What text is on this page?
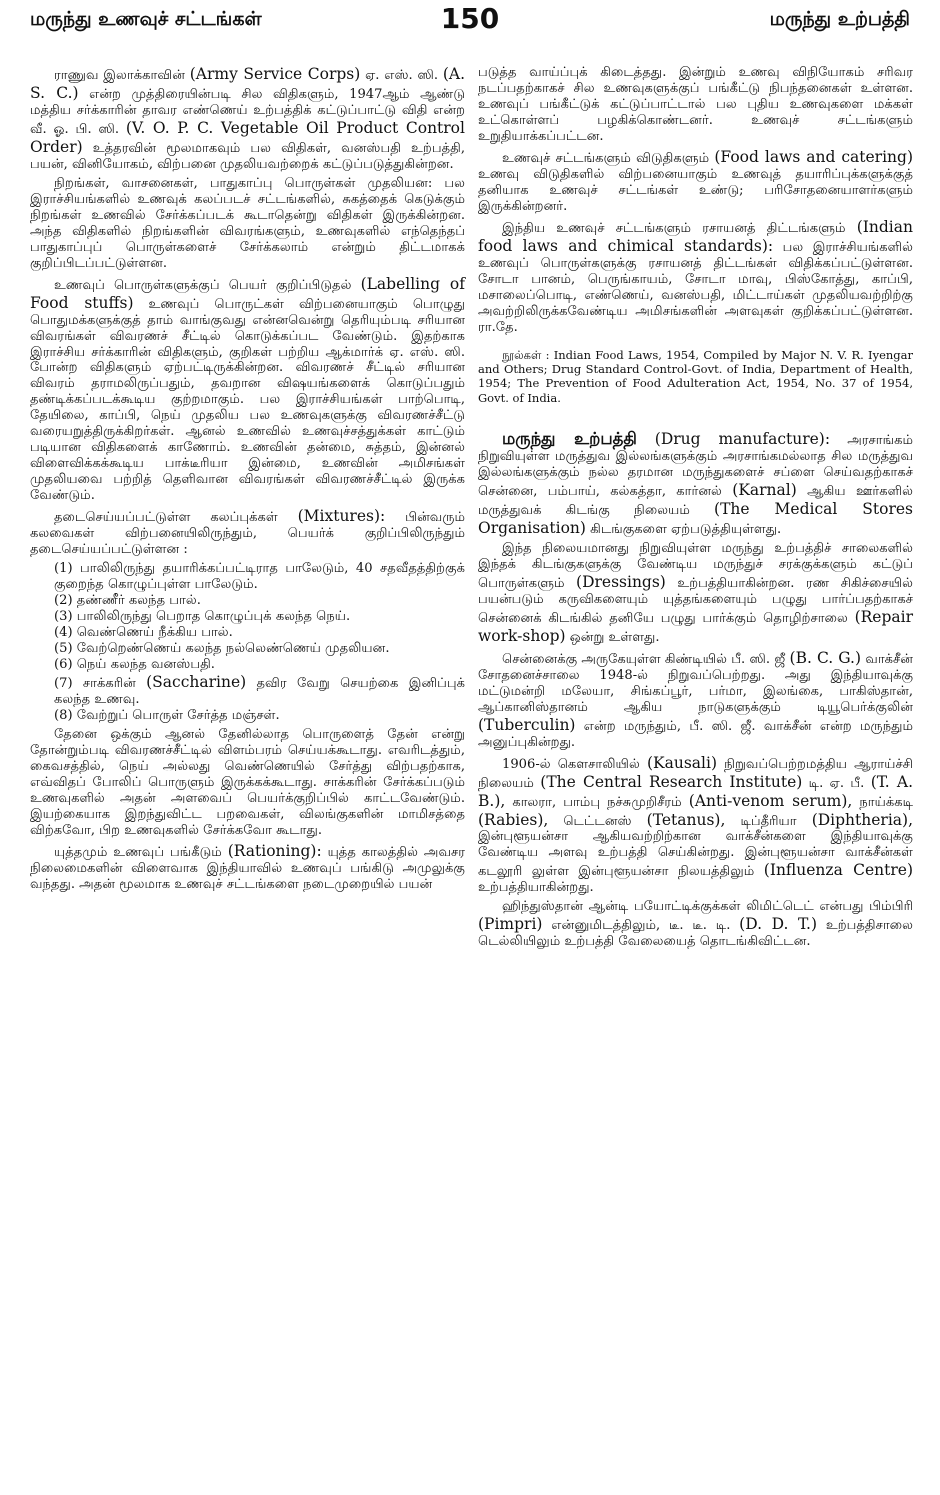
மருந்து உணவுச் சட்டங்கள்	150	மருந்து உற்பத்தி

ராணுவ இலாக்காவின் (Army Service Corps) ஏ. எஸ். ஸி. (A. S. C.) என்ற முத்திரையின்படி சில விதிகளும், 1947ஆம் ஆண்டு மத்திய சர்க்காரின் தாவர எண்ணெய் உற்பத்திக் கட்டுப்பாட்டு விதி என்ற வீ. ஓ. பி. ஸி. (V. O. P. C. Vegetable Oil Product Control Order) உத்தரவின் மூலமாகவும் பல விதிகள், வனஸ்பதி உற்பத்தி, பயன், வினியோகம், விற்பனை முதலியவற்றைக் கட்டுப்படுத்துகின்றன.

நிறங்கள், வாசனைகள், பாதுகாப்பு பொருள்கள் முதலியன: பல இராச்சியங்களில் உணவுக் கலப்படச் சட்டங்களில், சுகத்தைக் கெடுக்கும் நிறங்கள் உணவில் சேர்க்கப்படக் கூடாதென்று விதிகள் இருக்கின்றன. அந்த விதிகளில் நிறங்களின் விவரங்களும், உணவுகளில் எந்தெந்தப் பாதுகாப்புப் பொருள்களைச் சேர்க்கலாம் என்றும் திட்டமாகக் குறிப்பிடப்பட்டுள்ளன.

உணவுப் பொருள்களுக்குப் பெயர் குறிப்பிடுதல் (Labelling of Food stuffs) உணவுப் பொருட்கள் விற்பனையாகும் பொழுது பொதுமக்களுக்குத் தாம் வாங்குவது என்னவென்று தெரியும்படி சரியான விவரங்கள் விவரணச் சீட்டில் கொடுக்கப்பட வேண்டும். இதற்காக இராச்சிய சர்க்காரின் விதிகளும், குறிகள் பற்றிய ஆக்மார்க் ஏ. எஸ். ஸி. போன்ற விதிகளும் ஏற்பட்டிருக்கின்றன. விவரணச் சீட்டில் சரியான விவரம் தராமலிருப்பதும், தவறான விஷயங்களைக் கொடுப்பதும் தண்டிக்கப்படக்கூடிய குற்றமாகும். பல இராச்சியங்கள் பாற்பொடி, தேயிலை, காப்பி, நெய் முதலிய பல உணவுகளுக்கு விவரணச்சீட்டு வரையறுத்திருக்கிறர்கள். ஆனல் உணவில் உணவுச்சத்துக்கள் காட்டும் படியான விதிகளைக் காணோம். உணவின் தன்மை, சுத்தம், இன்னல் விளைவிக்கக்கூடிய பாக்டீரியா இன்மை, உணவின் அமிசங்கள் முதலியவை பற்றித் தெளிவான விவரங்கள் விவரணச்சீட்டில் இருக்க வேண்டும்.

தடைசெய்யப்பட்டுள்ள கலப்புக்கள் (Mixtures): பின்வரும் கலவைகள் விற்பனையிலிருந்தும், பெயர்க் குறிப்பிலிருந்தும் தடைசெய்யப்பட்டுள்ளன :

(1) பாலிலிருந்து தயாரிக்கப்பட்டிராத பாலேடும், 40 சதவீதத்திற்குக் குறைந்த கொழுப்புள்ள பாலேடும்.

(2) தண்ணீர் கலந்த பால்.

(3) பாலிலிருந்து பெறாத கொழுப்புக் கலந்த நெய்.

(4) வெண்ணெய் நீக்கிய பால்.

(5) வேற்றெண்ணெய் கலந்த நல்லெண்ணெய் முதலியன.

(6) நெய் கலந்த வனஸ்பதி.

(7) சாக்கரின் (Saccharine) தவிர வேறு செயற்கை இனிப்புக் கலந்த உணவு.

(8) வேற்றுப் பொருள் சேர்த்த மஞ்சள்.

தேனை ஒக்கும் ஆனல் தேனில்லாத பொருளைத் தேன் என்று தோன்றும்படி விவரணச்சீட்டில் விளம்பரம் செய்யக்கூடாது. எவரிடத்தும், கைவசத்தில், நெய் அல்லது வெண்ணெயில் சேர்த்து விற்பதற்காக, எவ்விதப் போலிப் பொருளும் இருக்கக்கூடாது. சாக்கரின் சேர்க்கப்படும் உணவுகளில் அதன் அளவைப் பெயர்க்குறிப்பில் காட்டவேண்டும். இயற்கையாக இறந்துவிட்ட பறவைகள், விலங்குகளின் மாமிசத்தை விற்கவோ, பிற உணவுகளில் சேர்க்கவோ கூடாது.

யுத்தமும் உணவுப் பங்கீடும் (Rationing): யுத்த காலத்தில் அவசர நிலைமைகளின் விளைவாக இந்தியாவில் உணவுப் பங்கிடு அமுலுக்கு வந்தது. அதன் மூலமாக உணவுச் சட்டங்களை நடைமுறையில் பயன்

படுத்த வாய்ப்புக் கிடைத்தது. இன்றும் உணவு விநியோகம் சரிவர நடப்பதற்காகச் சில உணவுகளுக்குப் பங்கீட்டு நிபந்தனைகள் உள்ளன. உணவுப் பங்கீட்டுக் கட்டுப்பாட்டால் பல புதிய உணவுகளை மக்கள் உட்கொள்ளப் பழகிக்கொண்டனர். உணவுச் சட்டங்களும் உறுதியாக்கப்பட்டன.

உணவுச் சட்டங்களும் விடுதிகளும் (Food laws and catering) உணவு விடுதிகளில் விற்பனையாகும் உணவுத் தயாரிப்புக்களுக்குத் தனியாக உணவுச் சட்டங்கள் உண்டு; பரிசோதனையாளர்களும் இருக்கின்றனர்.

இந்திய உணவுச் சட்டங்களும் ரசாயனத் திட்டங்களும் (Indian food laws and chimical standards): பல இராச்சியங்களில் உணவுப் பொருள்களுக்கு ரசாயனத் திட்டங்கள் விதிக்கப்பட்டுள்ளன. சோடா பானம், பெருங்காயம், சோடா மாவு, பிஸ்கோத்து, காப்பி, மசாலைப்பொடி, எண்ணெய், வனஸ்பதி, மிட்டாய்கள் முதலியவற்றிற்கு அவற்றிலிருக்கவேண்டிய அமிசங்களின் அளவுகள் குறிக்கப்பட்டுள்ளன. ரா.தே.

நூல்கள் : Indian Food Laws, 1954, Compiled by Major N. V. R. Iyengar and Others; Drug Standard Control-Govt. of India, Department of Health, 1954; The Prevention of Food Adulteration Act, 1954, No. 37 of 1954, Govt. of India.

மருந்து உற்பத்தி (Drug manufacture): அரசாங்கம் நிறுவியுள்ள மருத்துவ இல்லங்களுக்கும் அரசாங்கமல்லாத சில மருத்துவ இல்லங்களுக்கும் நல்ல தரமான மருந்துகளைச் சப்ளை செய்வதற்காகச் சென்னை, பம்பாய், கல்கத்தா, கார்னல் (Karnal) ஆகிய ஊர்களில் மருத்துவக் கிடங்கு நிலையம் (The Medical Stores Organisation) கிடங்குகளை ஏற்படுத்தியுள்ளது.

இந்த நிலையமானது நிறுவியுள்ள மருந்து உற்பத்திச் சாலைகளில் இந்தக் கிடங்குகளுக்கு வேண்டிய மருந்துச் சரக்குக்களும் கட்டுப் பொருள்களும் (Dressings) உற்பத்தியாகின்றன. ரண சிகிச்சையில் பயன்படும் கருவிகளையும் யுத்தங்களையும் பழுது பார்ப்பதற்காகச் சென்னைக் கிடங்கில் தனியே பழுது பார்க்கும் தொழிற்சாலை (Repair work-shop) ஒன்று உள்ளது.

சென்னைக்கு அருகேயுள்ள கிண்டியில் பீ. ஸி. ஜீ (B. C. G.) வாக்சீன் சோதனைச்சாலை 1948-ல் நிறுவப்பெற்றது. அது இந்தியாவுக்கு மட்டுமன்றி மலேயா, சிங்கப்பூர், பர்மா, இலங்கை, பாகிஸ்தான், ஆப்கானிஸ்தானம் ஆகிய நாடுகளுக்கும் டியூபெர்க்குலின் (Tuberculin) என்ற மருந்தும், பீ. ஸி. ஜீ. வாக்சீன் என்ற மருந்தும் அனுப்புகின்றது.

1906-ல் கௌசாலியில் (Kausali) நிறுவப்பெற்றமத்திய ஆராய்ச்சி நிலையம் (The Central Research Institute) டி. ஏ. பீ. (T. A. B.), காலரா, பாம்பு நச்சுமுறிசீரம் (Anti-venom serum), நாய்க்கடி (Rabies), டெட்டனஸ் (Tetanus), டிப்தீரியா (Diphtheria), இன்புளூயன்சா ஆகியவற்றிற்கான வாக்சீன்களை இந்தியாவுக்கு வேண்டிய அளவு உற்பத்தி செய்கின்றது. இன்புளூயன்சா வாக்சீன்கள் கடலூரி லுள்ள இன்புளூயன்சா நிலயத்திலும் (Influenza Centre) உற்பத்தியாகின்றது.

ஹிந்துஸ்தான் ஆன்டி பயோட்டிக்குக்கள் லிமிட்டெட் என்பது பிம்பிரி (Pimpri) என்னுமிடத்திலும், டீ. டீ. டி. (D. D. T.) உற்பத்திசாலை டெல்லியிலும் உற்பத்தி வேலையைத் தொடங்கிவிட்டன.
